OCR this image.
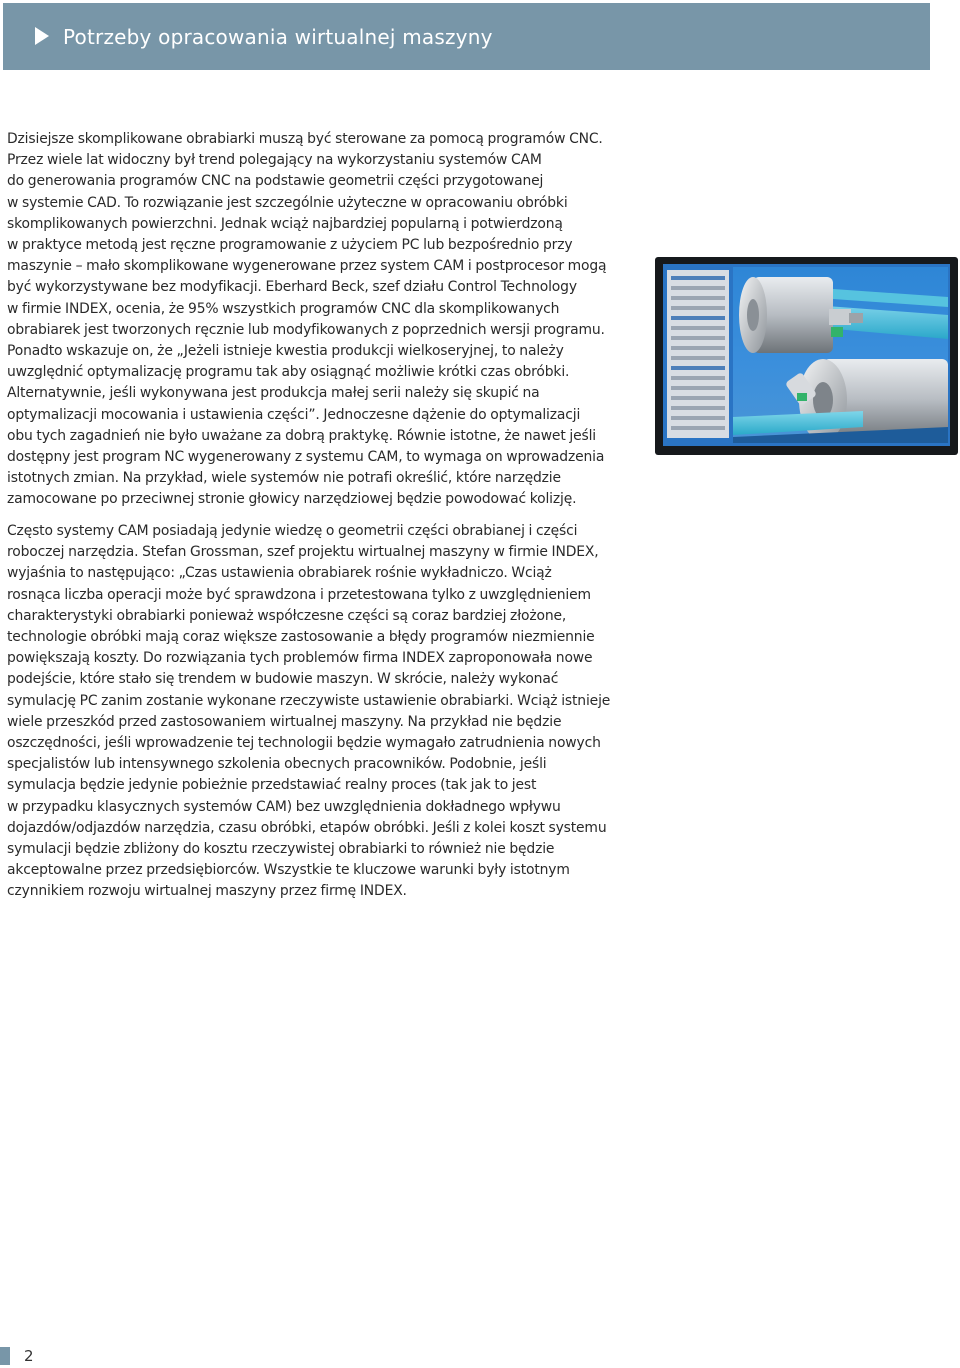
Potrzeby opracowania wirtualnej maszyny

Dzisiejsze skomplikowane obrabiarki muszą być sterowane za pomocą programów CNC.
Przez wiele lat widoczny był trend polegający na wykorzystaniu systemów CAM
do generowania programów CNC na podstawie geometrii części przygotowanej
w systemie CAD. To rozwiązanie jest szczególnie użyteczne w opracowaniu obróbki
skomplikowanych powierzchni. Jednak wciąż najbardziej popularną i potwierdzoną
w praktyce metodą jest ręczne programowanie z użyciem PC lub bezpośrednio przy
maszynie – mało skomplikowane wygenerowane przez system CAM i postprocesor mogą
być wykorzystywane bez modyfikacji. Eberhard Beck, szef działu Control Technology
w firmie INDEX, ocenia, że 95% wszystkich programów CNC dla skomplikowanych
obrabiarek jest tworzonych ręcznie lub modyfikowanych z poprzednich wersji programu.
Ponadto wskazuje on, że „Jeżeli istnieje kwestia produkcji wielkoseryjnej, to należy
uwzględnić optymalizację programu tak aby osiągnąć możliwie krótki czas obróbki.
Alternatywnie, jeśli wykonywana jest produkcja małej serii należy się skupić na
optymalizacji mocowania i ustawienia części”. Jednoczesne dążenie do optymalizacji
obu tych zagadnień nie było uważane za dobrą praktykę. Równie istotne, że nawet jeśli
dostępny jest program NC wygenerowany z systemu CAM, to wymaga on wprowadzenia
istotnych zmian. Na przykład, wiele systemów nie potrafi określić, które narzędzie
zamocowane po przeciwnej stronie głowicy narzędziowej będzie powodować kolizję.

Często systemy CAM posiadają jedynie wiedzę o geometrii części obrabianej i części
roboczej narzędzia. Stefan Grossman, szef projektu wirtualnej maszyny w firmie INDEX,
wyjaśnia to następująco: „Czas ustawienia obrabiarek rośnie wykładniczo. Wciąż
rosnąca liczba operacji może być sprawdzona i przetestowana tylko z uwzględnieniem
charakterystyki obrabiarki ponieważ współczesne części są coraz bardziej złożone,
technologie obróbki mają coraz większe zastosowanie a błędy programów niezmiennie
powiększają koszty. Do rozwiązania tych problemów firma INDEX zaproponowała nowe
podejście, które stało się trendem w budowie maszyn. W skrócie, należy wykonać
symulację PC zanim zostanie wykonane rzeczywiste ustawienie obrabiarki. Wciąż istnieje
wiele przeszkód przed zastosowaniem wirtualnej maszyny. Na przykład nie będzie
oszczędności, jeśli wprowadzenie tej technologii będzie wymagało zatrudnienia nowych
specjalistów lub intensywnego szkolenia obecnych pracowników. Podobnie, jeśli
symulacja będzie jedynie pobieżnie przedstawiać realny proces (tak jak to jest
w przypadku klasycznych systemów CAM) bez uwzględnienia dokładnego wpływu
dojazdów/odjazdów narzędzia, czasu obróbki, etapów obróbki. Jeśli z kolei koszt systemu
symulacji będzie zbliżony do kosztu rzeczywistej obrabiarki to również nie będzie
akceptowalne przez przedsiębiorców. Wszystkie te kluczowe warunki były istotnym
czynnikiem rozwoju wirtualnej maszyny przez firmę INDEX.

2
